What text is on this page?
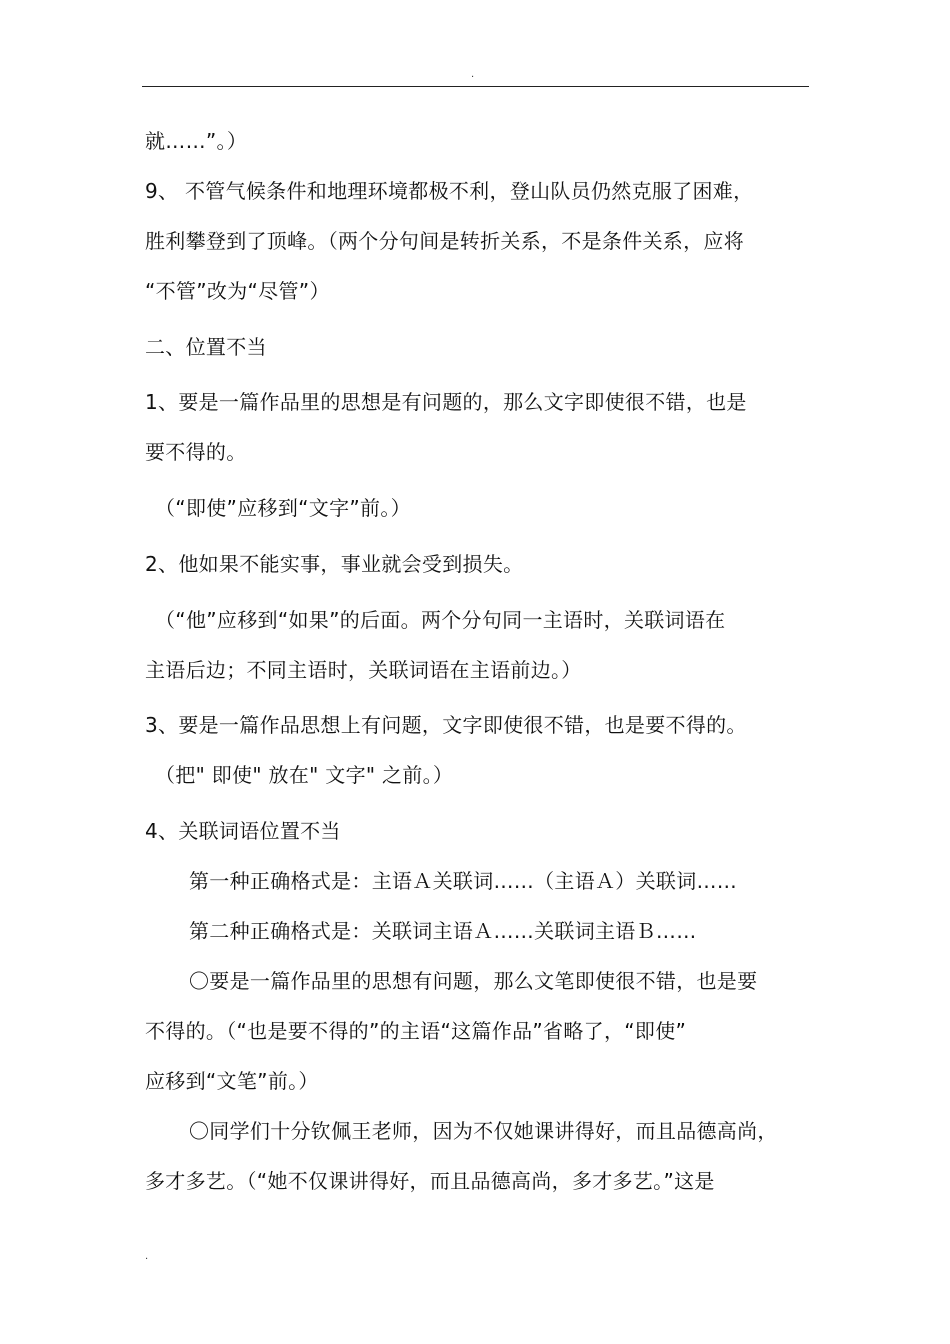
.
就……”。）
9、 不管气候条件和地理环境都极不利，登山队员仍然克服了困难，
胜利攀登到了顶峰。（两个分句间是转折关系，不是条件关系，应将
“不管”改为“尽管”）
二、位置不当
1、要是一篇作品里的思想是有问题的，那么文字即使很不错，也是
要不得的。
（“即使”应移到“文字”前。）
2、他如果不能实事，事业就会受到损失。
（“他”应移到“如果”的后面。两个分句同一主语时，关联词语在
主语后边；不同主语时，关联词语在主语前边。）
3、要是一篇作品思想上有问题，文字即使很不错，也是要不得的。
（把" 即使" 放在" 文字" 之前。）
4、关联词语位置不当
第一种正确格式是：主语Ａ关联词……（主语Ａ）关联词……
第二种正确格式是：关联词主语Ａ……关联词主语Ｂ……
〇要是一篇作品里的思想有问题，那么文笔即使很不错，也是要
不得的。（“也是要不得的”的主语“这篇作品”省略了，“即使”
应移到“文笔”前。）
〇同学们十分钦佩王老师，因为不仅她课讲得好，而且品德高尚，
多才多艺。（“她不仅课讲得好，而且品德高尚，多才多艺。”这是
.
